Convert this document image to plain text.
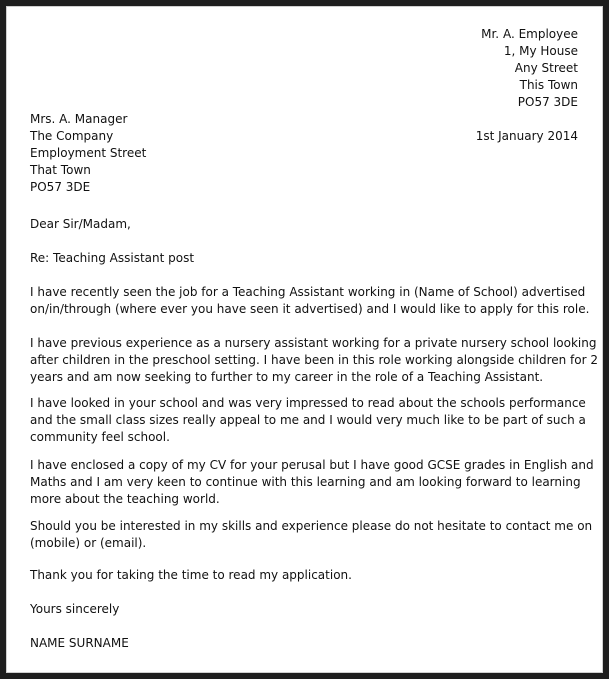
Mr. A. Employee
1, My House
Any Street
This Town
PO57 3DE
Mrs. A. Manager
The Company
Employment Street
That Town
PO57 3DE
1st January 2014

Dear Sir/Madam,

Re: Teaching Assistant post

I have recently seen the job for a Teaching Assistant working in (Name of School) advertised
on/in/through (where ever you have seen it advertised) and I would like to apply for this role.

I have previous experience as a nursery assistant working for a private nursery school looking
after children in the preschool setting. I have been in this role working alongside children for 2
years and am now seeking to further to my career in the role of a Teaching Assistant.

I have looked in your school and was very impressed to read about the schools performance
and the small class sizes really appeal to me and I would very much like to be part of such a
community feel school.

I have enclosed a copy of my CV for your perusal but I have good GCSE grades in English and
Maths and I am very keen to continue with this learning and am looking forward to learning
more about the teaching world.

Should you be interested in my skills and experience please do not hesitate to contact me on
(mobile) or (email).

Thank you for taking the time to read my application.

Yours sincerely

NAME SURNAME
